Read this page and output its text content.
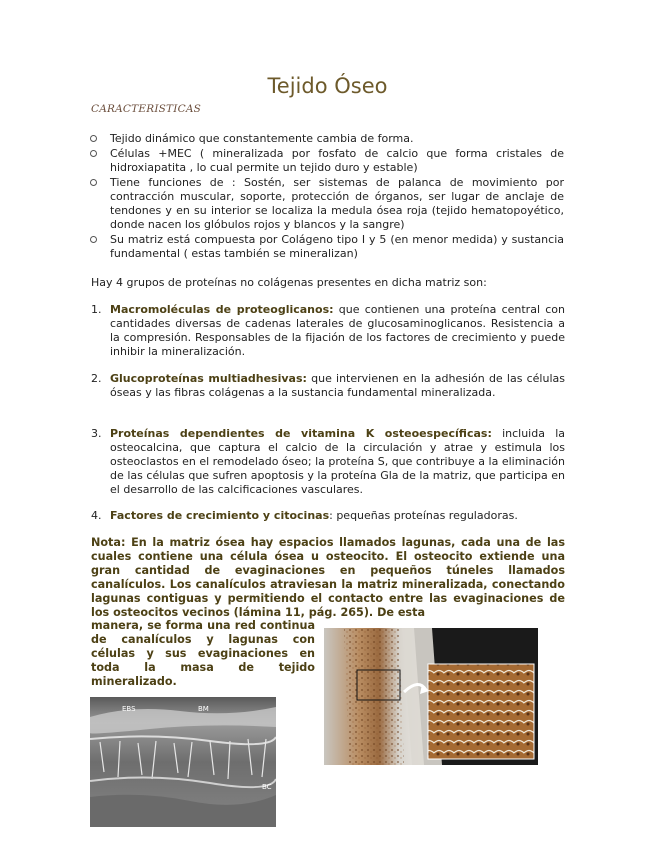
Tejido Óseo
CARACTERISTICAS
Tejido dinámico que constantemente cambia de forma.
Células +MEC ( mineralizada por fosfato de calcio que forma cristales de hidroxiapatita , lo cual permite un tejido duro y estable)
Tiene funciones de : Sostén, ser sistemas de palanca de movimiento por contracción muscular, soporte, protección de órganos, ser lugar de anclaje de tendones y en su interior se localiza la medula ósea roja (tejido hematopoyético, donde nacen los glóbulos rojos y blancos y la sangre)
Su matriz está compuesta por Colágeno tipo I y 5 (en menor medida) y sustancia fundamental ( estas también se mineralizan)
Hay 4 grupos de proteínas no colágenas presentes en dicha matriz son:
1. Macromoléculas de proteoglicanos: que contienen una proteína central con cantidades diversas de cadenas laterales de glucosaminoglicanos. Resistencia a la compresión. Responsables de la fijación de los factores de crecimiento y puede inhibir la mineralización.
2. Glucoproteínas multiadhesivas: que intervienen en la adhesión de las células óseas y las fibras colágenas a la sustancia fundamental mineralizada.
3. Proteínas dependientes de vitamina K osteoespecíficas: incluida la osteocalcina, que captura el calcio de la circulación y atrae y estimula los osteoclastos en el remodelado óseo; la proteína S, que contribuye a la eliminación de las células que sufren apoptosis y la proteína Gla de la matriz, que participa en el desarrollo de las calcificaciones vasculares.
4. Factores de crecimiento y citocinas: pequeñas proteínas reguladoras.
Nota: En la matriz ósea hay espacios llamados lagunas, cada una de las cuales contiene una célula ósea u osteocito. El osteocito extiende una gran cantidad de evaginaciones en pequeños túneles llamados canalículos. Los canalículos atraviesan la matriz mineralizada, conectando lagunas contiguas y permitiendo el contacto entre las evaginaciones de los osteocitos vecinos (lámina 11, pág. 265). De esta
manera, se forma una red continua de canalículos y lagunas con células y sus evaginaciones en toda la masa de tejido mineralizado.
EBS	BM
BC
